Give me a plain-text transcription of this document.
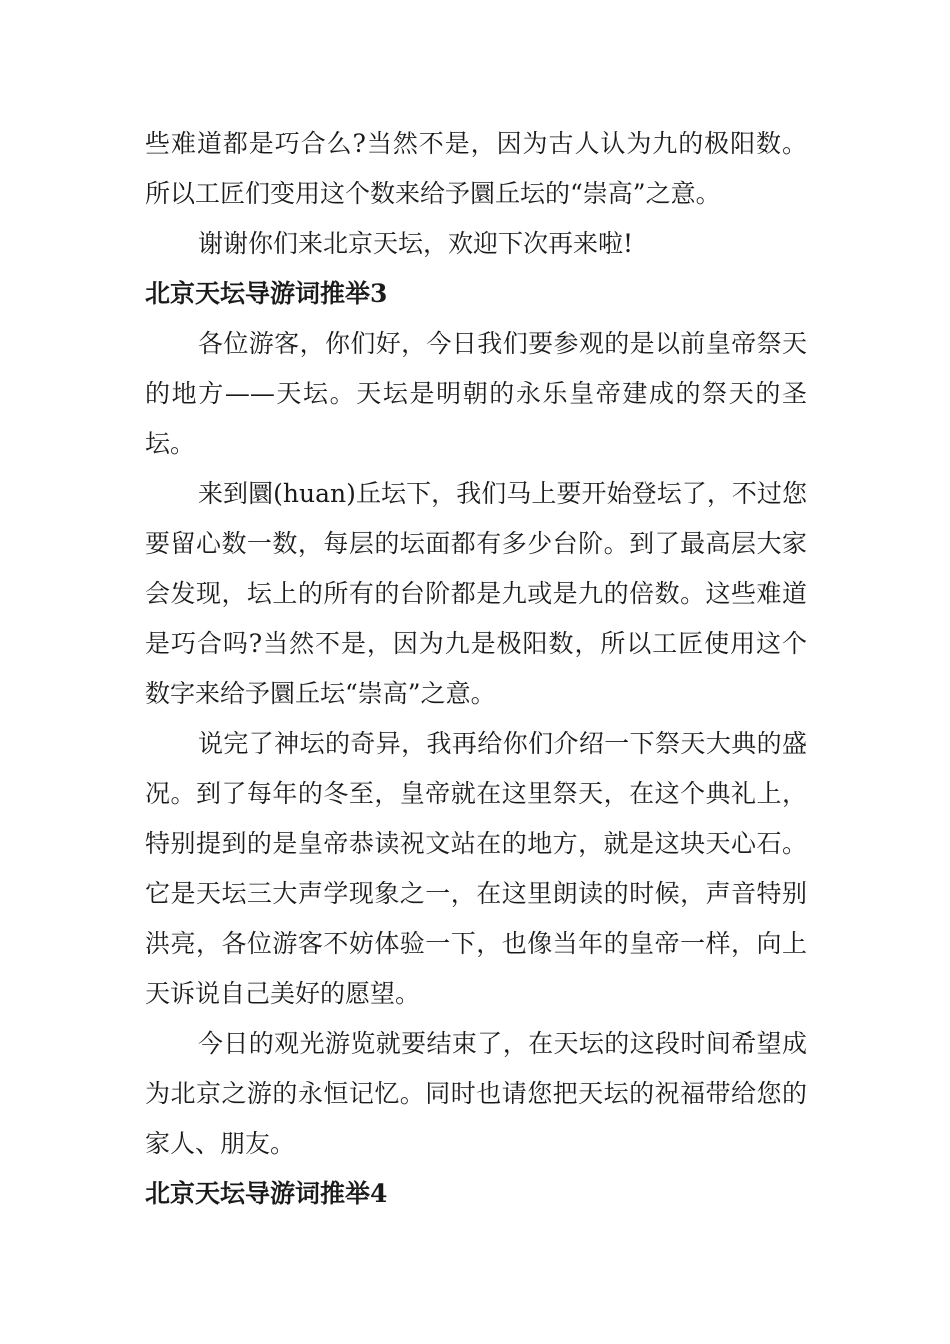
些难道都是巧合么?当然不是，因为古人认为九的极阳数。所以工匠们变用这个数来给予圜丘坛的“崇高”之意。

谢谢你们来北京天坛，欢迎下次再来啦!

北京天坛导游词推举3

各位游客，你们好，今日我们要参观的是以前皇帝祭天的地方——天坛。天坛是明朝的永乐皇帝建成的祭天的圣坛。

来到圜(huan)丘坛下，我们马上要开始登坛了，不过您要留心数一数，每层的坛面都有多少台阶。到了最高层大家会发现，坛上的所有的台阶都是九或是九的倍数。这些难道是巧合吗?当然不是，因为九是极阳数，所以工匠使用这个数字来给予圜丘坛“崇高”之意。

说完了神坛的奇异，我再给你们介绍一下祭天大典的盛况。到了每年的冬至，皇帝就在这里祭天，在这个典礼上，特别提到的是皇帝恭读祝文站在的地方，就是这块天心石。它是天坛三大声学现象之一，在这里朗读的时候，声音特别洪亮，各位游客不妨体验一下，也像当年的皇帝一样，向上天诉说自己美好的愿望。

今日的观光游览就要结束了，在天坛的这段时间希望成为北京之游的永恒记忆。同时也请您把天坛的祝福带给您的家人、朋友。

北京天坛导游词推举4
